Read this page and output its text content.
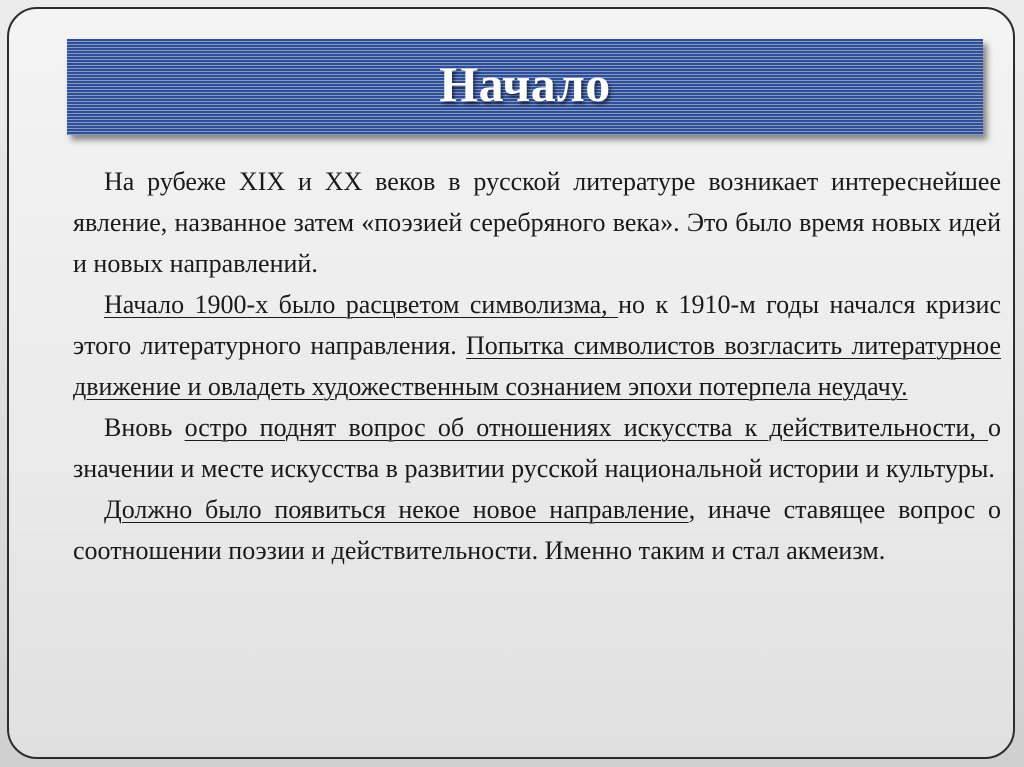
Начало

На рубеже XIX и XX веков в русской литературе возникает интереснейшее явление, названное затем «поэзией серебряного века». Это было время новых идей и новых направлений.

Начало 1900-х было расцветом символизма, но к 1910-м годы начался кризис этого литературного направления. Попытка символистов возгласить литературное движение и овладеть художественным сознанием эпохи потерпела неудачу.

Вновь остро поднят вопрос об отношениях искусства к действительности, о значении и месте искусства в развитии русской национальной истории и культуры.

Должно было появиться некое новое направление, иначе ставящее вопрос о соотношении поэзии и действительности. Именно таким и стал акмеизм.
